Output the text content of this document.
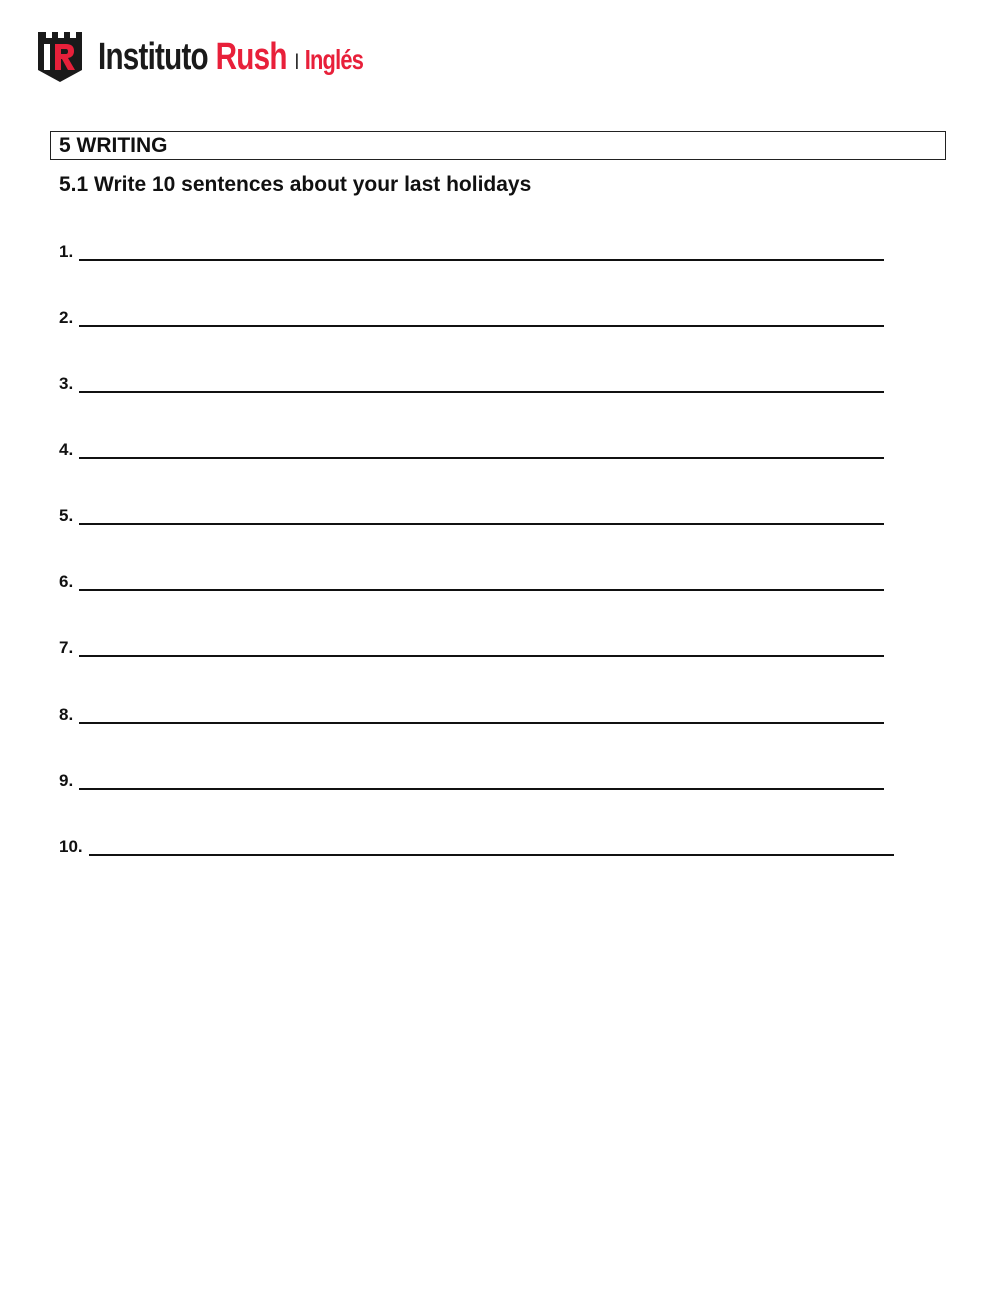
Instituto Rush I Inglés
5 WRITING
5.1 Write 10 sentences about your last holidays
1.
2.
3.
4.
5.
6.
7.
8.
9.
10.
